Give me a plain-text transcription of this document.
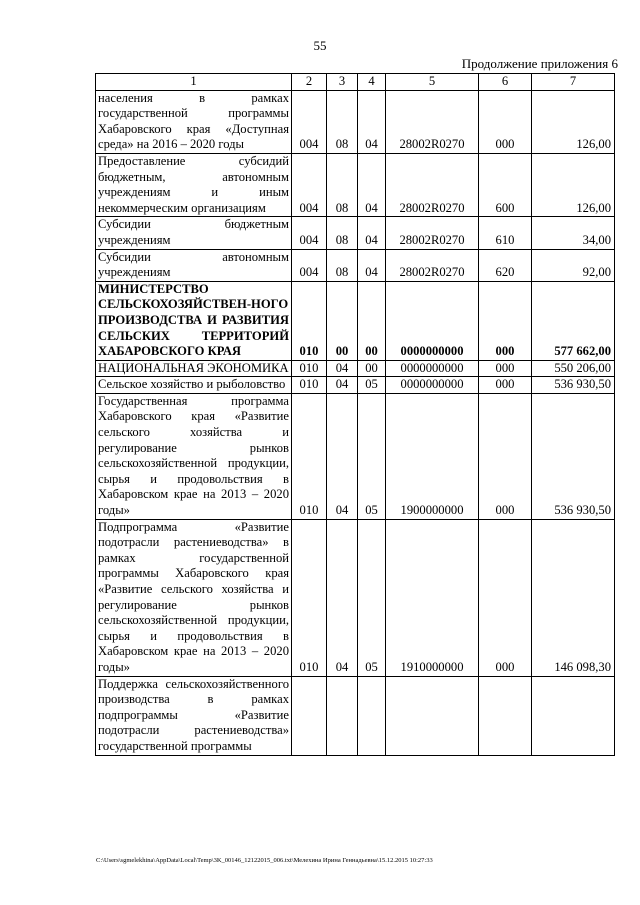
55
Продолжение приложения 6
1	2	3	4	5	6	7
населения в рамках государственной программы Хабаровского края «Доступная среда» на 2016 – 2020 годы	004	08	04	28002R0270	000	126,00
Предоставление субсидий бюджетным, автономным учреждениям и иным некоммерческим организациям	004	08	04	28002R0270	600	126,00
Субсидии бюджетным учреждениям	004	08	04	28002R0270	610	34,00
Субсидии автономным учреждениям	004	08	04	28002R0270	620	92,00
МИНИСТЕРСТВО СЕЛЬСКОХОЗЯЙСТВЕН-НОГО ПРОИЗВОДСТВА И РАЗВИТИЯ СЕЛЬСКИХ ТЕРРИТОРИЙ ХАБАРОВСКОГО КРАЯ	010	00	00	0000000000	000	577 662,00
НАЦИОНАЛЬНАЯ ЭКОНОМИКА	010	04	00	0000000000	000	550 206,00
Сельское хозяйство и рыболовство	010	04	05	0000000000	000	536 930,50
Государственная программа Хабаровского края «Развитие сельского хозяйства и регулирование рынков сельскохозяйственной продукции, сырья и продовольствия в Хабаровском крае на 2013 – 2020 годы»	010	04	05	1900000000	000	536 930,50
Подпрограмма «Развитие подотрасли растениеводства» в рамках государственной программы Хабаровского края «Развитие сельского хозяйства и регулирование рынков сельскохозяйственной продукции, сырья и продовольствия в Хабаровском крае на 2013 – 2020 годы»	010	04	05	1910000000	000	146 098,30
Поддержка сельскохозяйственного производства в рамках подпрограммы «Развитие подотрасли растениеводства» государственной программы						
C:\Users\sgmelekhina\AppData\Local\Temp\3K_00146_12122015_006.txt\Мелехина Ирина Геннадьевна\15.12.2015 10:27:33
